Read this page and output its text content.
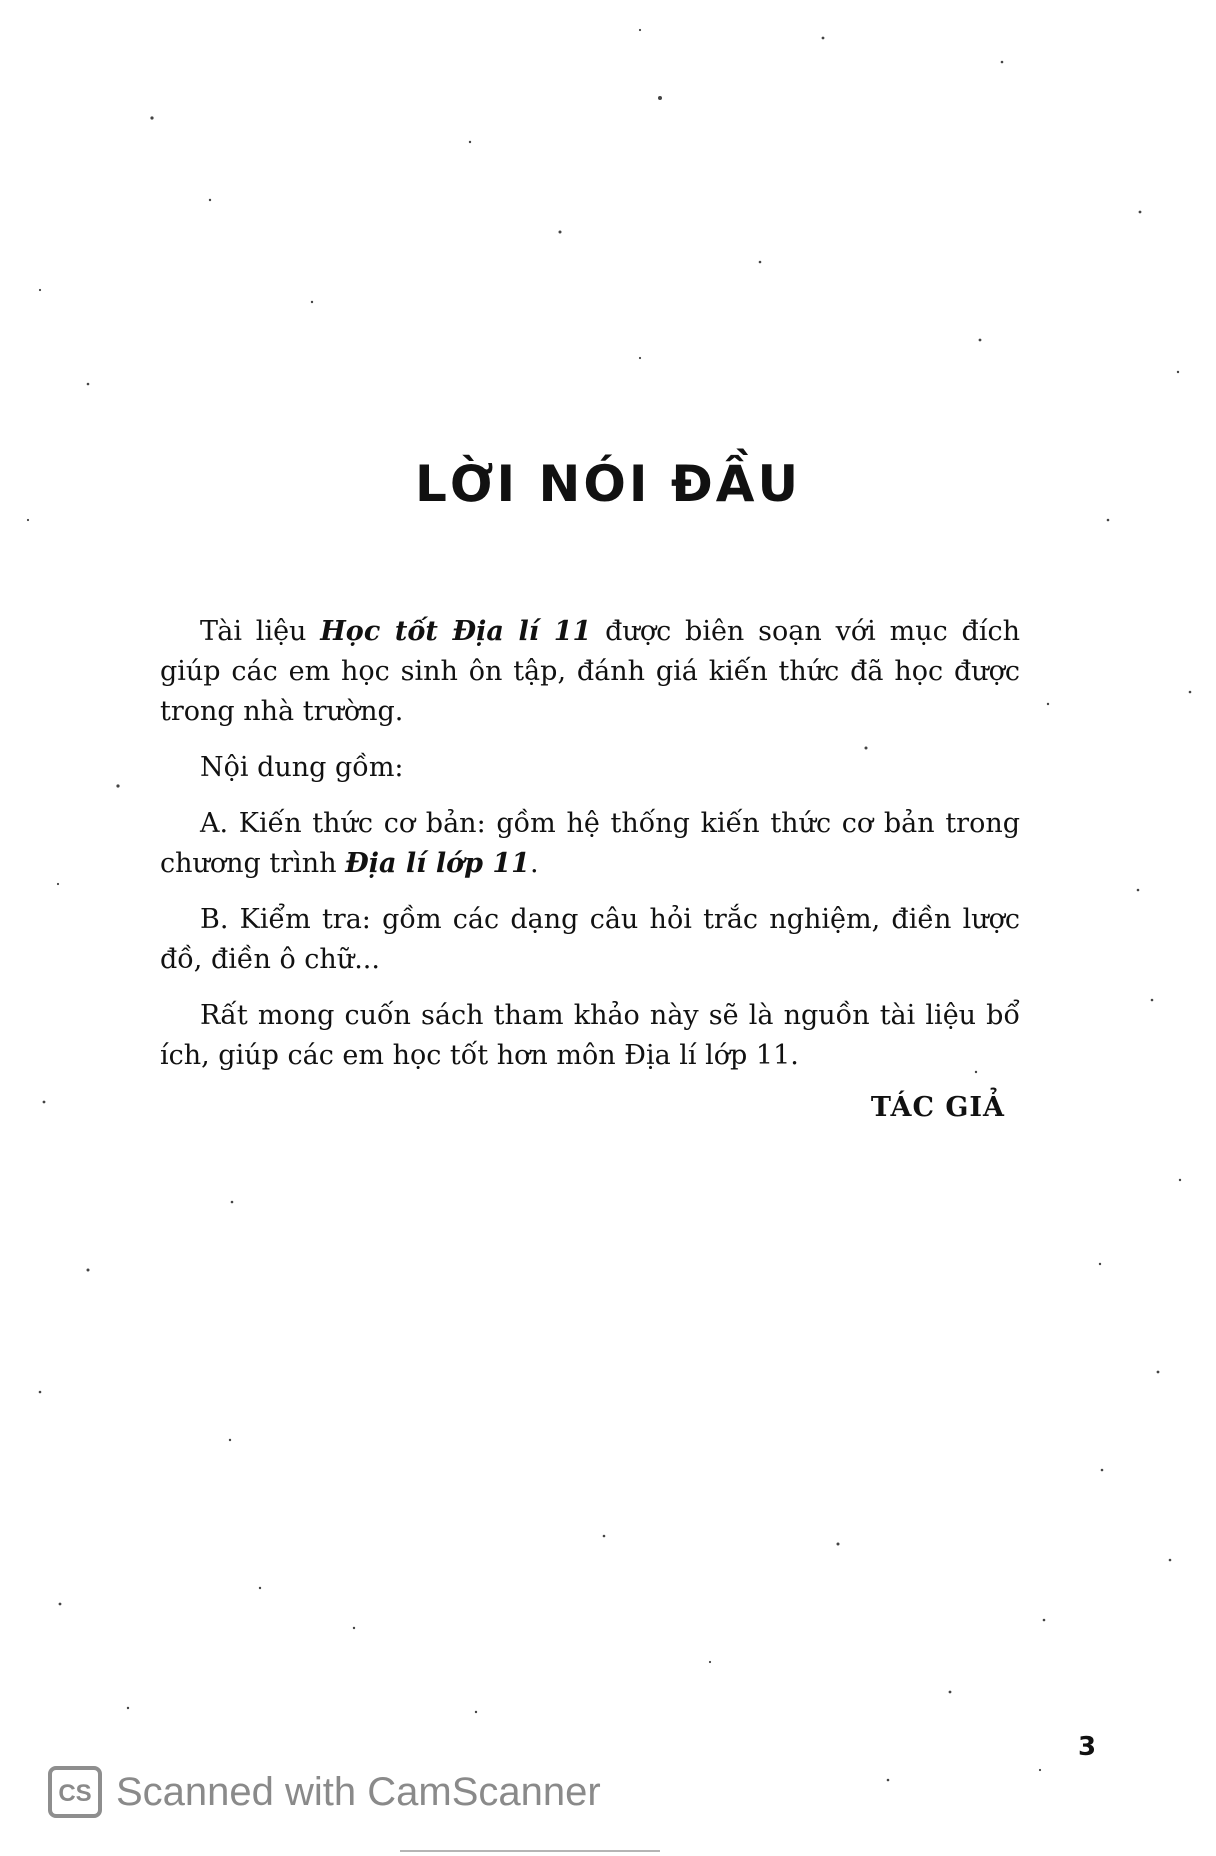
LỜI NÓI ĐẦU

Tài liệu Học tốt Địa lí 11 được biên soạn với mục đích giúp các em học sinh ôn tập, đánh giá kiến thức đã học được trong nhà trường.

Nội dung gồm:

A. Kiến thức cơ bản: gồm hệ thống kiến thức cơ bản trong chương trình Địa lí lớp 11.

B. Kiểm tra: gồm các dạng câu hỏi trắc nghiệm, điền lược đồ, điền ô chữ...

Rất mong cuốn sách tham khảo này sẽ là nguồn tài liệu bổ ích, giúp các em học tốt hơn môn Địa lí lớp 11.

TÁC GIẢ
3
CS Scanned with CamScanner
